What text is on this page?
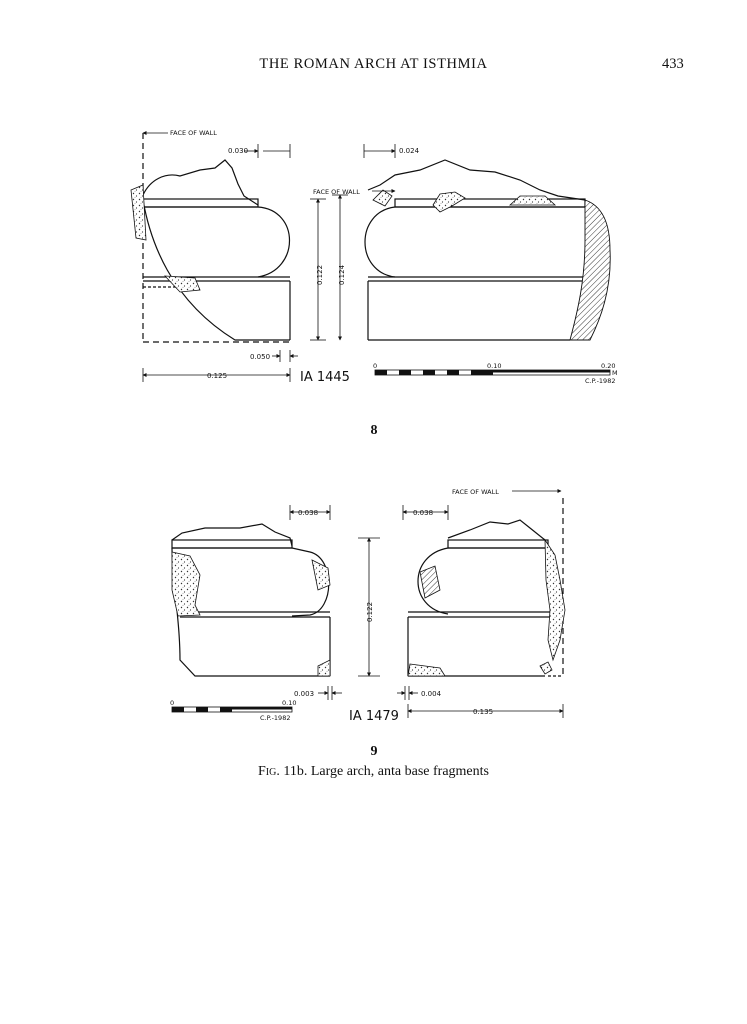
THE ROMAN ARCH AT ISTHMIA	433
FACE OF WALL
FACE OF WALL
0.030	0.024
0.122 0.124
0.050
0.125	IA 1445
0	0.10	0.20
M
C.P.-1982
FACE OF WALL
0.038	0.038
0.122
0.003	0.004
0.135
IA 1479
0	0.10
C.P.-1982
8
9
Fig. 11b. Large arch, anta base fragments
